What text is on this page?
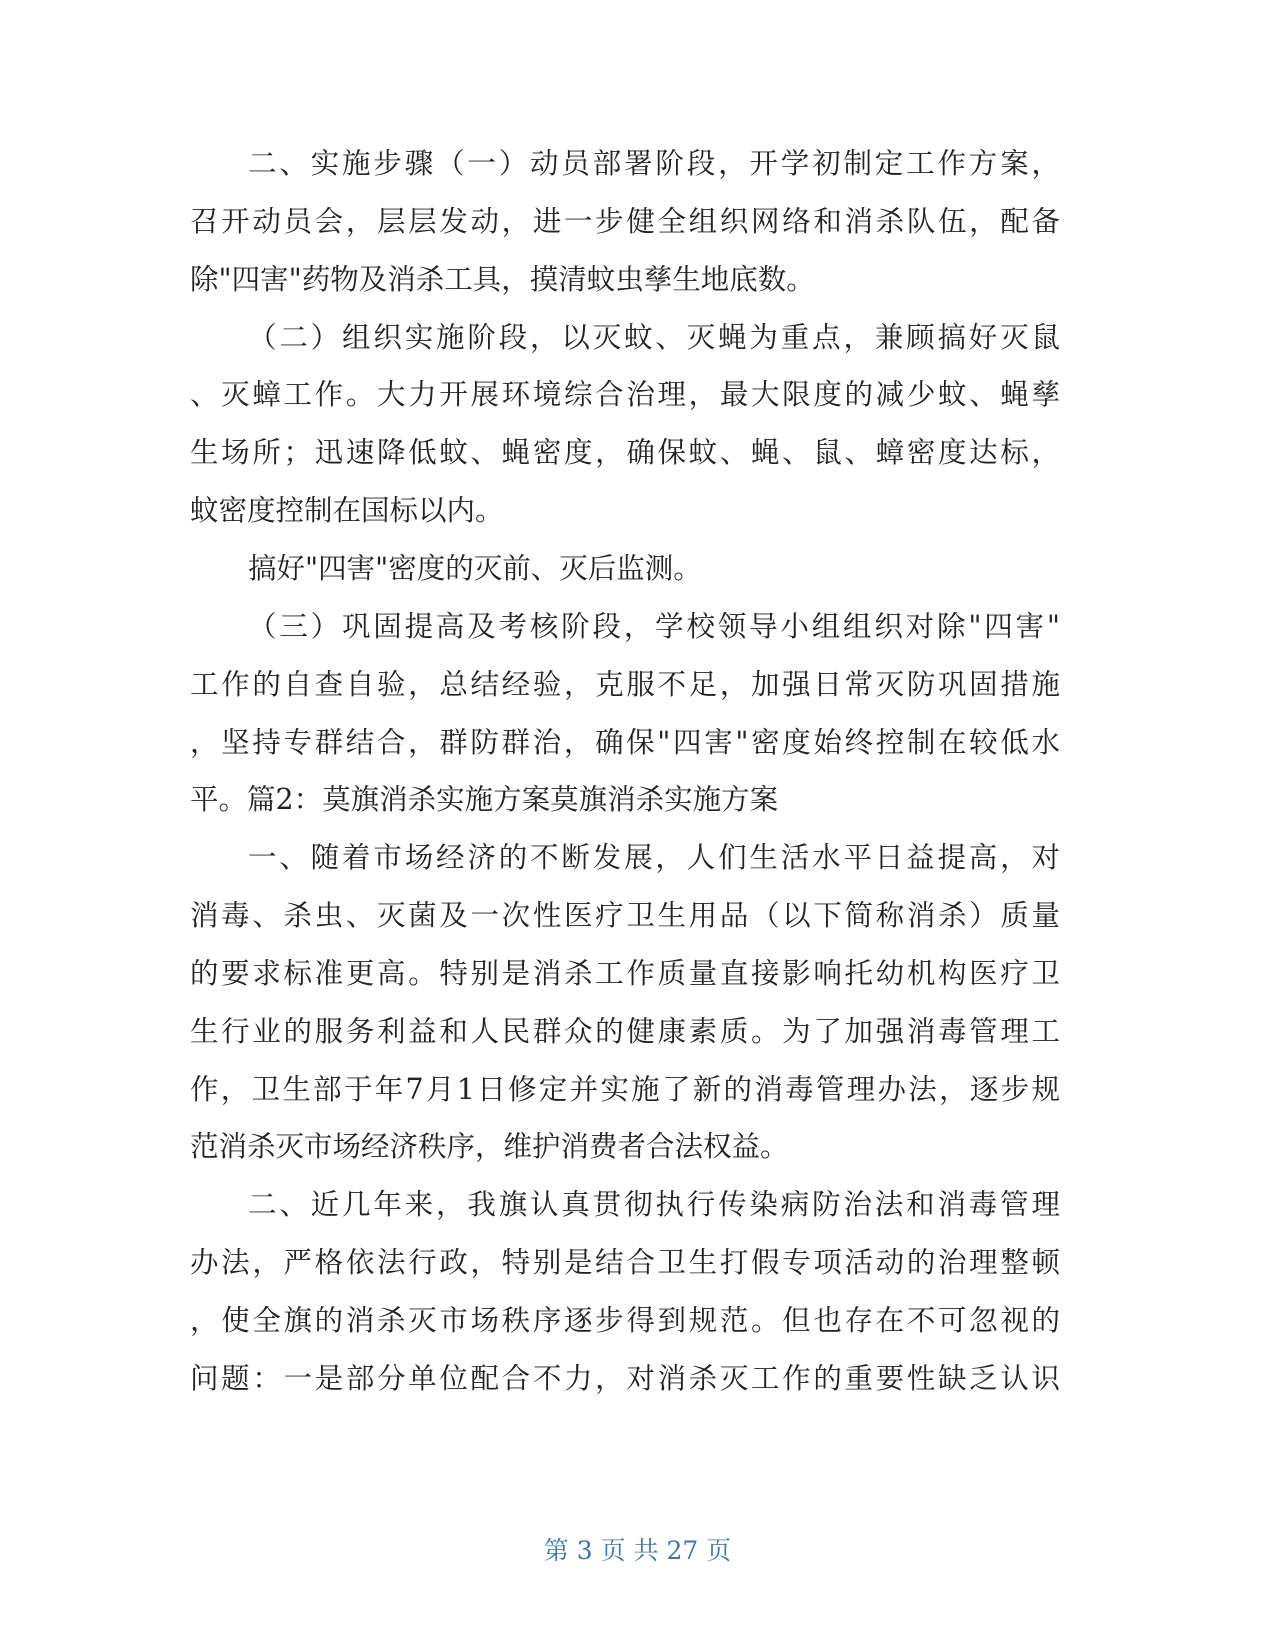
二、实施步骤（一）动员部署阶段，开学初制定工作方案，
召开动员会，层层发动，进一步健全组织网络和消杀队伍，配备
除"四害"药物及消杀工具，摸清蚊虫孳生地底数。
（二）组织实施阶段，以灭蚊、灭蝇为重点，兼顾搞好灭鼠
、灭蟑工作。大力开展环境综合治理，最大限度的减少蚊、蝇孳
生场所；迅速降低蚊、蝇密度，确保蚊、蝇、鼠、蟑密度达标，
蚊密度控制在国标以内。
搞好"四害"密度的灭前、灭后监测。
（三）巩固提高及考核阶段，学校领导小组组织对除"四害"
工作的自查自验，总结经验，克服不足，加强日常灭防巩固措施
，坚持专群结合，群防群治，确保"四害"密度始终控制在较低水
平。篇2：莫旗消杀实施方案莫旗消杀实施方案
一、随着市场经济的不断发展，人们生活水平日益提高，对
消毒、杀虫、灭菌及一次性医疗卫生用品（以下简称消杀）质量
的要求标准更高。特别是消杀工作质量直接影响托幼机构医疗卫
生行业的服务利益和人民群众的健康素质。为了加强消毒管理工
作，卫生部于年7月1日修定并实施了新的消毒管理办法，逐步规
范消杀灭市场经济秩序，维护消费者合法权益。
二、近几年来，我旗认真贯彻执行传染病防治法和消毒管理
办法，严格依法行政，特别是结合卫生打假专项活动的治理整顿
，使全旗的消杀灭市场秩序逐步得到规范。但也存在不可忽视的
问题：一是部分单位配合不力，对消杀灭工作的重要性缺乏认识
第 3 页 共 27 页
